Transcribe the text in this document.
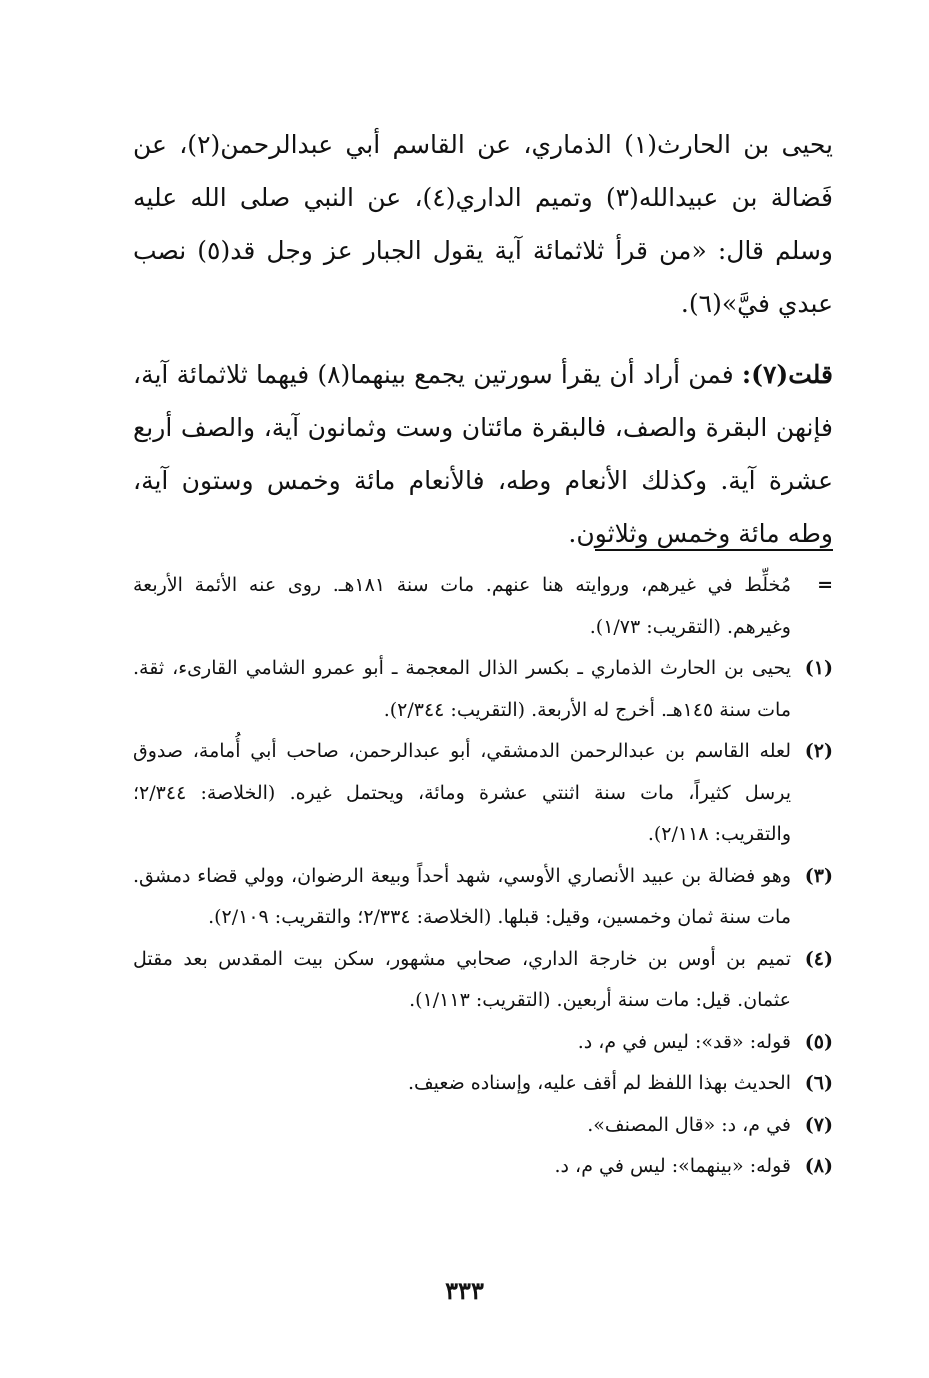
يحيى بن الحارث(١) الذماري، عن القاسم أبي عبدالرحمن(٢)، عن فَضالة بن عبيدالله(٣) وتميم الداري(٤)، عن النبي صلى الله عليه وسلم قال: «من قرأ ثلاثمائة آية يقول الجبار عز وجل قد(٥) نصب عبدي فيَّ»(٦).

قلت(٧): فمن أراد أن يقرأ سورتين يجمع بينهما(٨) فيهما ثلاثمائة آية، فإنهن البقرة والصف، فالبقرة مائتان وست وثمانون آية، والصف أربع عشرة آية. وكذلك الأنعام وطه، فالأنعام مائة وخمس وستون آية، وطه مائة وخمس وثلاثون.

=
مُخلِّط في غيرهم، وروايته هنا عنهم. مات سنة ١٨١هـ. روى عنه الأئمة الأربعة وغيرهم. (التقريب: ١/٧٣).
(١)
يحيى بن الحارث الذماري ـ بكسر الذال المعجمة ـ أبو عمرو الشامي القارىء، ثقة. مات سنة ١٤٥هـ. أخرج له الأربعة. (التقريب: ٢/٣٤٤).
(٢)
لعله القاسم بن عبدالرحمن الدمشقي، أبو عبدالرحمن، صاحب أبي أُمامة، صدوق يرسل كثيراً، مات سنة اثنتي عشرة ومائة، ويحتمل غيره. (الخلاصة: ٢/٣٤٤؛ والتقريب: ٢/١١٨).
(٣)
وهو فضالة بن عبيد الأنصاري الأوسي، شهد أحداً وبيعة الرضوان، وولي قضاء دمشق. مات سنة ثمان وخمسين، وقيل: قبلها. (الخلاصة: ٢/٣٣٤؛ والتقريب: ٢/١٠٩).
(٤)
تميم بن أوس بن خارجة الداري، صحابي مشهور، سكن بيت المقدس بعد مقتل عثمان. قيل: مات سنة أربعين. (التقريب: ١/١١٣).
(٥)
قوله: «قد»: ليس في م، د.
(٦)
الحديث بهذا اللفظ لم أقف عليه، وإسناده ضعيف.
(٧)
في م، د: «قال المصنف».
(٨)
قوله: «بينهما»: ليس في م، د.
٣٣٣
